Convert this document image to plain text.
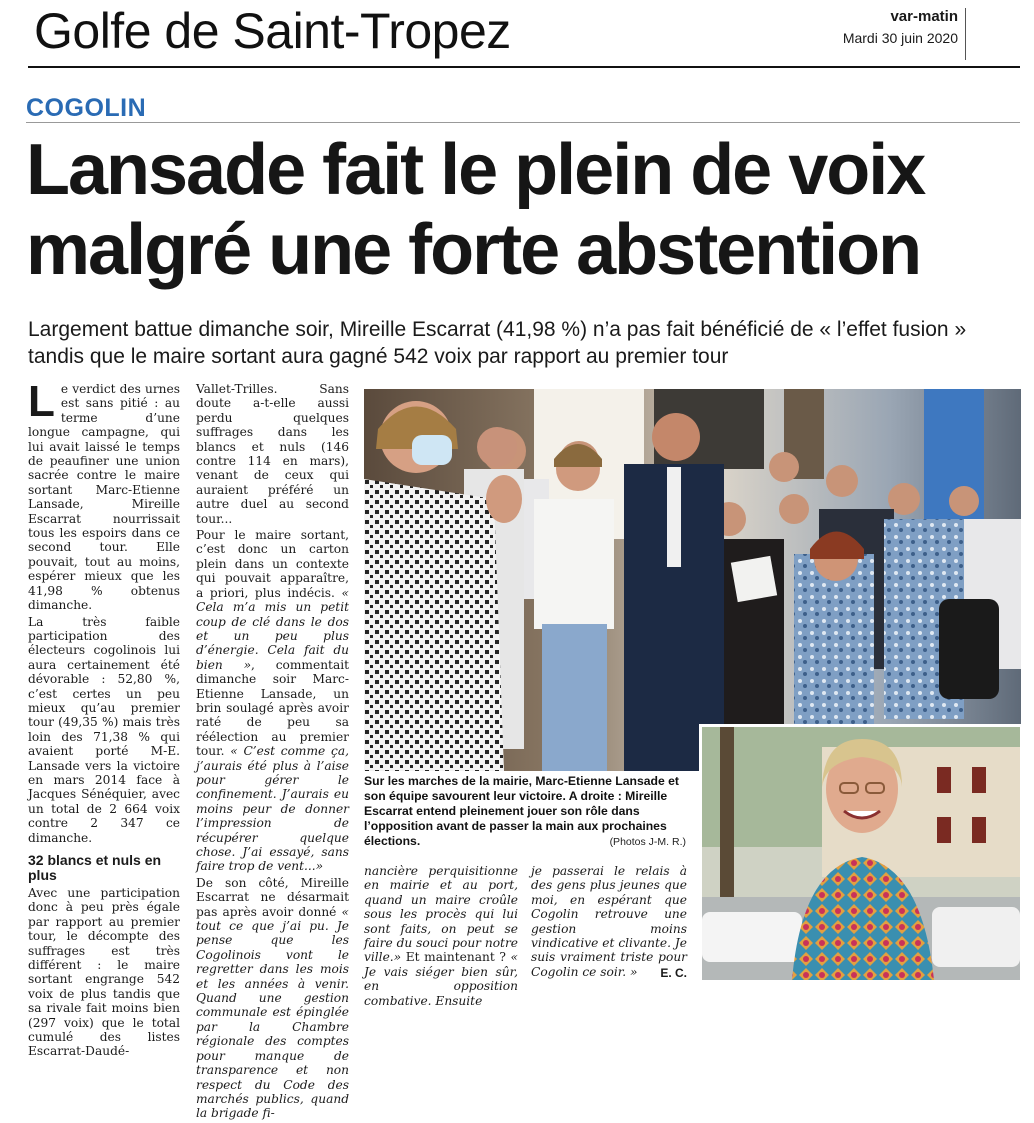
Golfe de Saint-Tropez	var-matin
Mardi 30 juin 2020
COGOLIN
Lansade fait le plein de voix
malgré une forte abstention
Largement battue dimanche soir, Mireille Escarrat (41,98 %) n’a pas fait bénéficié de « l’effet fusion » tandis que le maire sortant aura gagné 542 voix par rapport au premier tour

Le verdict des urnes est sans pitié : au terme d’une longue campagne, qui lui avait laissé le temps de peaufiner une union sacrée contre le maire sortant Marc-Etienne Lansade, Mireille Escarrat nourrissait tous les espoirs dans ce second tour. Elle pouvait, tout au moins, espérer mieux que les 41,98 % obtenus dimanche.

La très faible participation des électeurs cogolinois lui aura certainement été dévorable : 52,80 %, c’est certes un peu mieux qu’au premier tour (49,35 %) mais très loin des 71,38 % qui avaient porté M-E. Lansade vers la victoire en mars 2014 face à Jacques Sénéquier, avec un total de 2 664 voix contre 2 347 ce dimanche.

32 blancs et nuls en plus

Avec une participation donc à peu près égale par rapport au premier tour, le décompte des suffrages est très différent : le maire sortant engrange 542 voix de plus tandis que sa rivale fait moins bien (297 voix) que le total cumulé des listes Escarrat-Daudé-

Vallet-Trilles. Sans doute a-t-elle aussi perdu quelques suffrages dans les blancs et nuls (146 contre 114 en mars), venant de ceux qui auraient préféré un autre duel au second tour...

Pour le maire sortant, c’est donc un carton plein dans un contexte qui pouvait apparaître, a priori, plus indécis. « Cela m’a mis un petit coup de clé dans le dos et un peu plus d’énergie. Cela fait du bien », commentait dimanche soir Marc-Etienne Lansade, un brin soulagé après avoir raté de peu sa réélection au premier tour. « C’est comme ça, j’aurais été plus à l’aise pour gérer le confinement. J’aurais eu moins peur de donner l’impression de récupérer quelque chose. J’ai essayé, sans faire trop de vent...»

De son côté, Mireille Escarrat ne désarmait pas après avoir donné « tout ce que j’ai pu. Je pense que les Cogolinois vont le regretter dans les mois et les années à venir. Quand une gestion communale est épinglée par la Chambre régionale des comptes pour manque de transparence et non respect du Code des marchés publics, quand la brigade fi-

Sur les marches de la mairie, Marc-Etienne Lansade et son équipe savourent leur victoire. A droite : Mireille Escarrat entend pleinement jouer son rôle dans l’opposition avant de passer la main aux prochaines élections.	(Photos J-M. R.)

nancière perquisitionne en mairie et au port, quand un maire croûle sous les procès qui lui sont faits, on peut se faire du souci pour notre ville.» Et maintenant ? « Je vais siéger bien sûr, en opposition combative. Ensuite

je passerai le relais à des gens plus jeunes que moi, en espérant que Cogolin retrouve une gestion moins vindicative et clivante. Je suis vraiment triste pour Cogolin ce soir. »	E. C.
